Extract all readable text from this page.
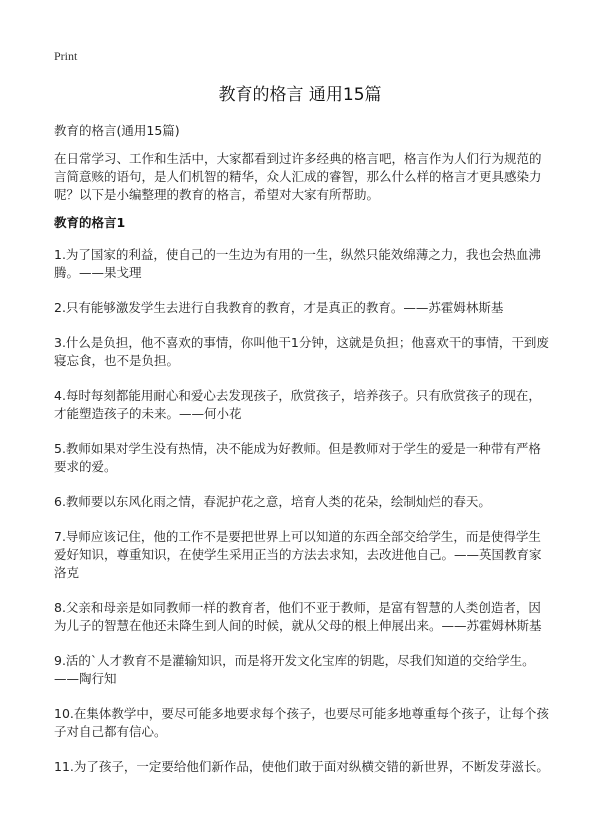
Print
教育的格言 通用15篇

教育的格言(通用15篇)

在日常学习、工作和生活中，大家都看到过许多经典的格言吧，格言作为人们行为规范的言简意赅的语句，是人们机智的精华，众人汇成的睿智，那么什么样的格言才更具感染力呢？以下是小编整理的教育的格言，希望对大家有所帮助。

教育的格言1
1.为了国家的利益，使自己的一生边为有用的一生，纵然只能效绵薄之力，我也会热血沸腾。——果戈理
2.只有能够激发学生去进行自我教育的教育，才是真正的教育。——苏霍姆林斯基
3.什么是负担，他不喜欢的事情，你叫他干1分钟，这就是负担；他喜欢干的事情，干到废寝忘食，也不是负担。
4.每时每刻都能用耐心和爱心去发现孩子，欣赏孩子，培养孩子。只有欣赏孩子的现在，才能塑造孩子的未来。——何小花
5.教师如果对学生没有热情，决不能成为好教师。但是教师对于学生的爱是一种带有严格要求的爱。
6.教师要以东风化雨之情，春泥护花之意，培育人类的花朵，绘制灿烂的春天。
7.导师应该记住，他的工作不是要把世界上可以知道的东西全部交给学生，而是使得学生爱好知识，尊重知识，在使学生采用正当的方法去求知，去改进他自己。——英国教育家洛克
8.父亲和母亲是如同教师一样的教育者，他们不亚于教师，是富有智慧的人类创造者，因为儿子的智慧在他还未降生到人间的时候，就从父母的根上伸展出来。——苏霍姆林斯基
9.活的`人才教育不是灌输知识，而是将开发文化宝库的钥匙，尽我们知道的交给学生。——陶行知
10.在集体教学中，要尽可能多地要求每个孩子，也要尽可能多地尊重每个孩子，让每个孩子对自己都有信心。
11.为了孩子，一定要给他们新作品，使他们敢于面对纵横交错的新世界，不断发芽滋长。
